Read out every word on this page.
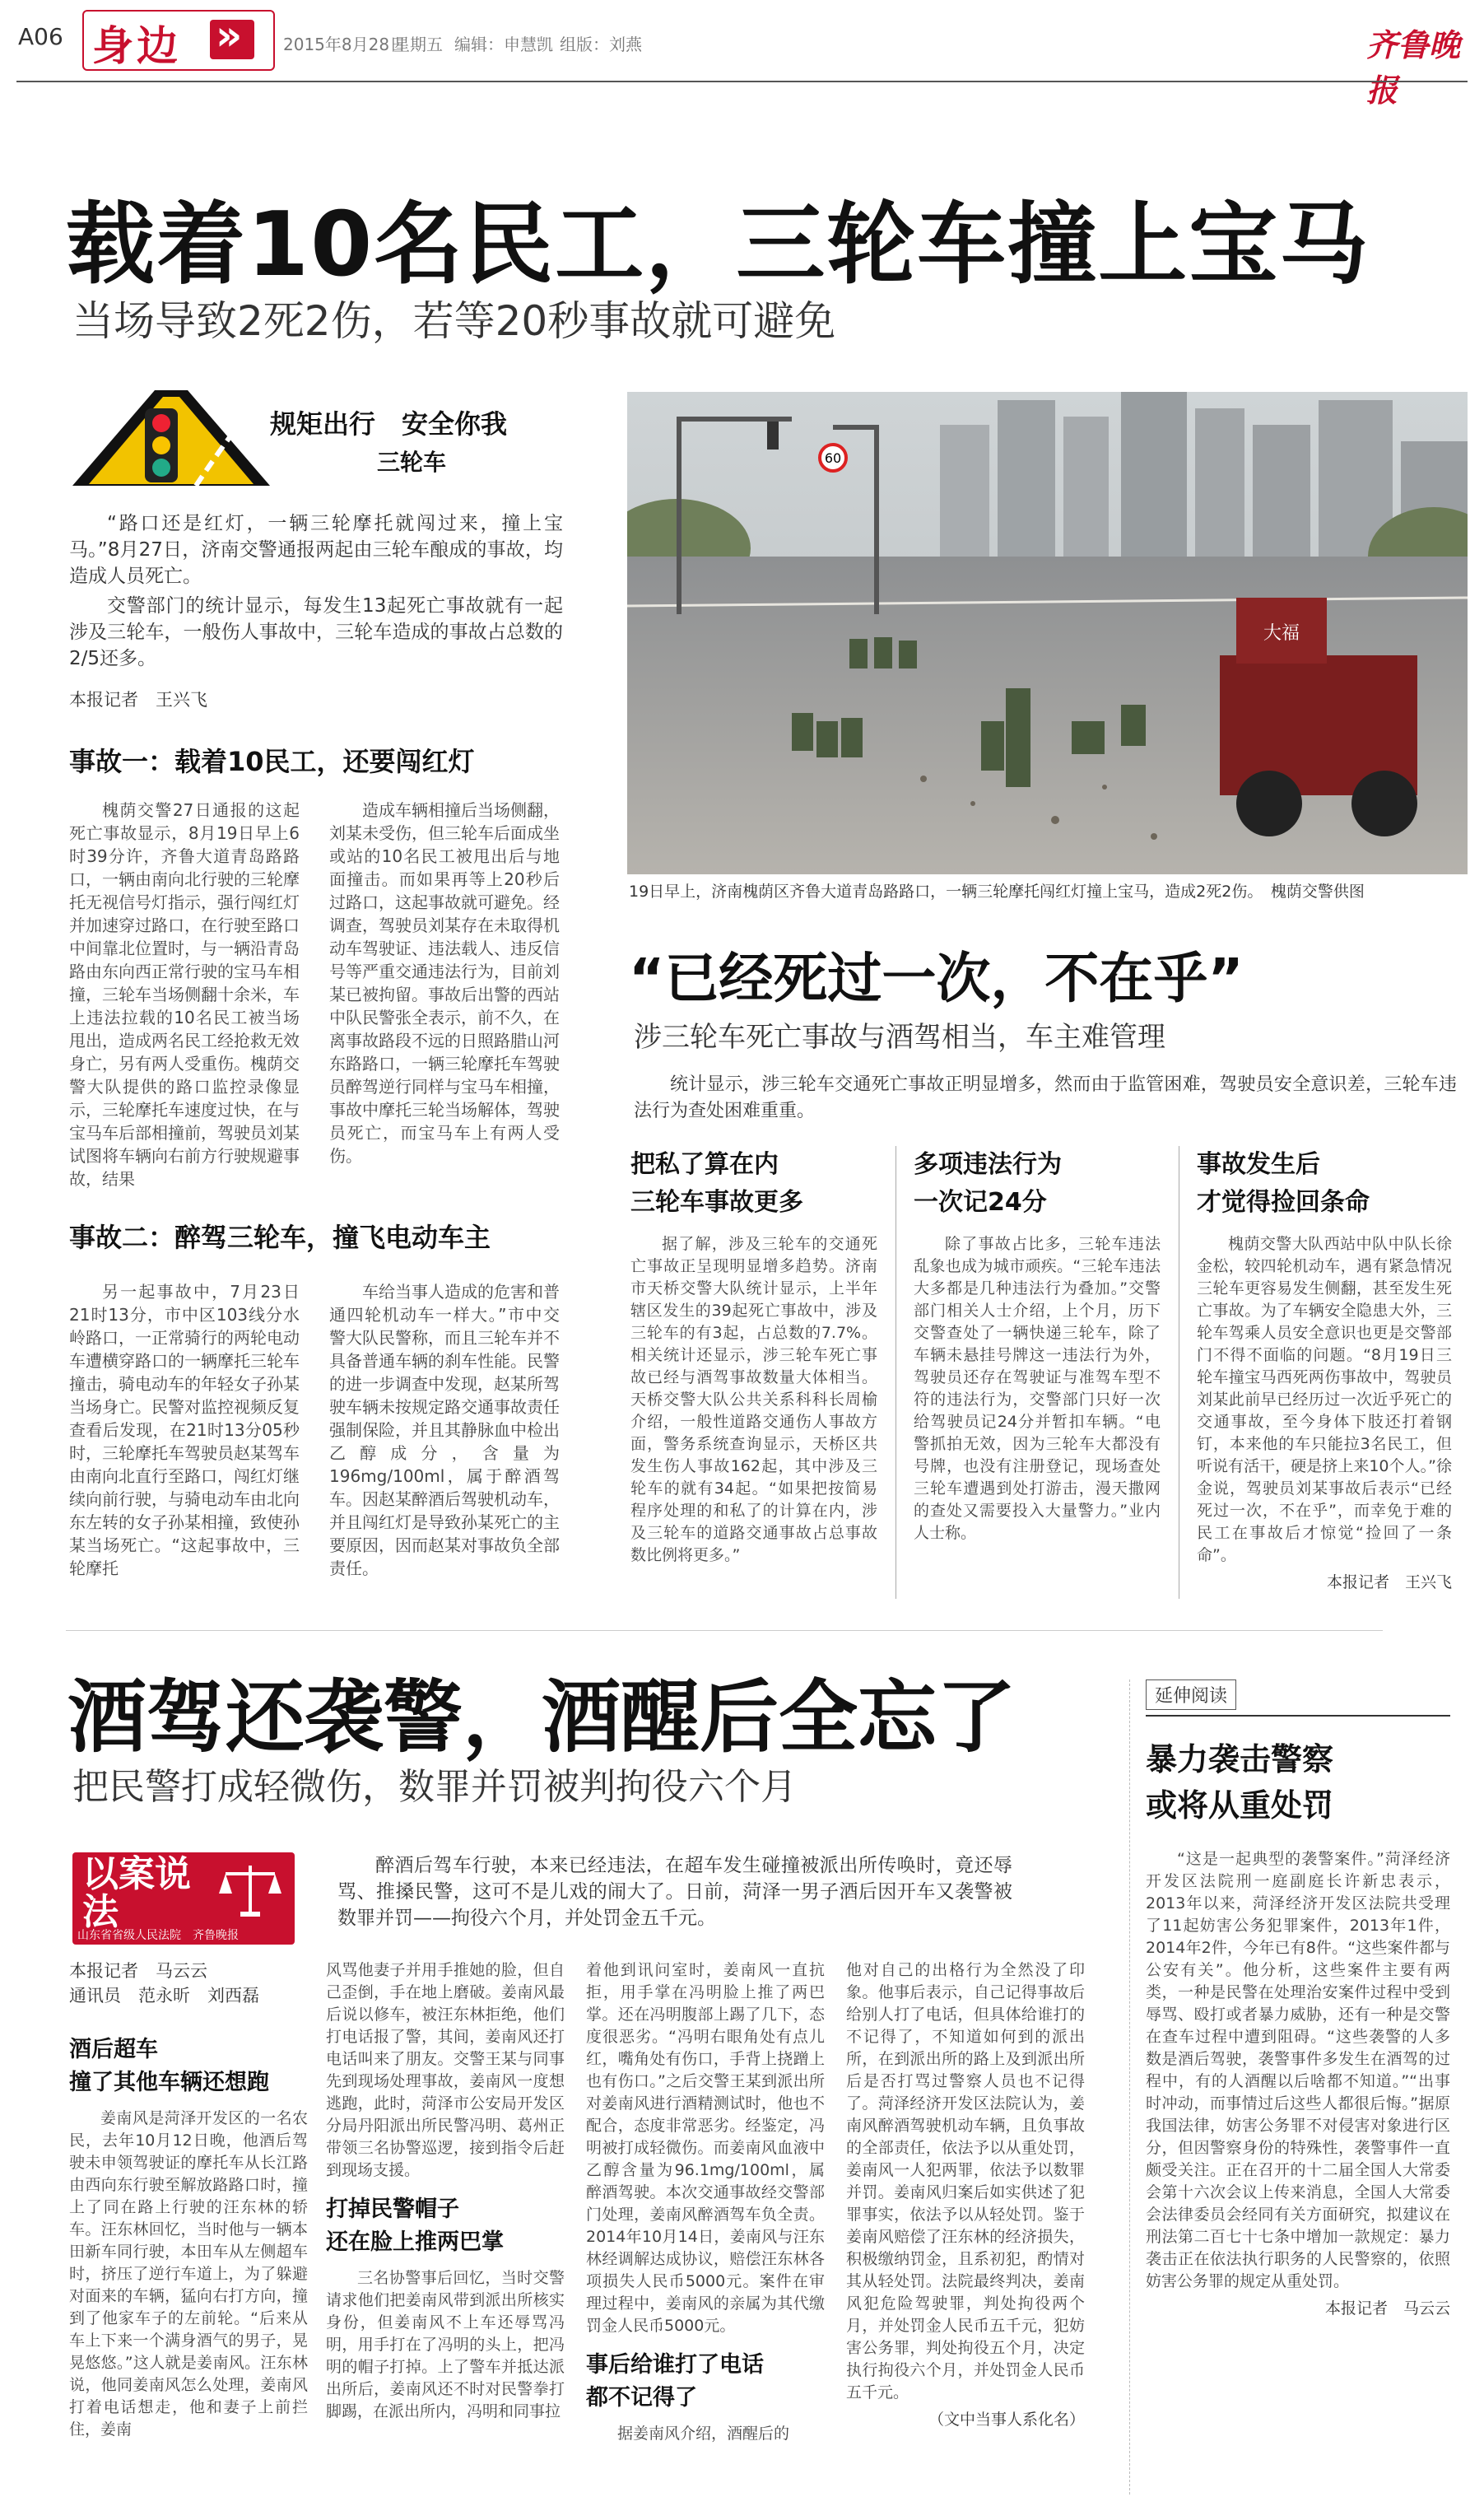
A06 身边 » 2015年8月28日
星期五 编辑：申慧凯 组版：刘燕	齐鲁晚报
载着10名民工，三轮车撞上宝马
当场导致2死2伤，若等20秒事故就可避免
规矩出行　安全你我
三轮车

“路口还是红灯，一辆三轮摩托就闯过来，撞上宝马。”8月27日，济南交警通报两起由三轮车酿成的事故，均造成人员死亡。

交警部门的统计显示，每发生13起死亡事故就有一起涉及三轮车，一般伤人事故中，三轮车造成的事故占总数的2/5还多。

本报记者　王兴飞
事故一：载着10民工，还要闯红灯

槐荫交警27日通报的这起死亡事故显示，8月19日早上6时39分许，齐鲁大道青岛路路口，一辆由南向北行驶的三轮摩托无视信号灯指示，强行闯红灯并加速穿过路口，在行驶至路口中间靠北位置时，与一辆沿青岛路由东向西正常行驶的宝马车相撞，三轮车当场侧翻十余米，车上违法拉载的10名民工被当场甩出，造成两名民工经抢救无效身亡，另有两人受重伤。槐荫交警大队提供的路口监控录像显示，三轮摩托车速度过快，在与宝马车后部相撞前，驾驶员刘某试图将车辆向右前方行驶规避事故，结果

造成车辆相撞后当场侧翻，刘某未受伤，但三轮车后面成坐或站的10名民工被甩出后与地面撞击。而如果再等上20秒后过路口，这起事故就可避免。经调查，驾驶员刘某存在未取得机动车驾驶证、违法载人、违反信号等严重交通违法行为，目前刘某已被拘留。事故后出警的西站中队民警张全表示，前不久，在离事故路段不远的日照路腊山河东路路口，一辆三轮摩托车驾驶员醉驾逆行同样与宝马车相撞，事故中摩托三轮当场解体，驾驶员死亡，而宝马车上有两人受伤。

事故二：醉驾三轮车，撞飞电动车主

另一起事故中，7月23日21时13分，市中区103线分水岭路口，一正常骑行的两轮电动车遭横穿路口的一辆摩托三轮车撞击，骑电动车的年轻女子孙某当场身亡。民警对监控视频反复查看后发现，在21时13分05秒时，三轮摩托车驾驶员赵某驾车由南向北直行至路口，闯红灯继续向前行驶，与骑电动车由北向东左转的女子孙某相撞，致使孙某当场死亡。“这起事故中，三轮摩托

车给当事人造成的危害和普通四轮机动车一样大。”市中交警大队民警称，而且三轮车并不具备普通车辆的刹车性能。民警的进一步调查中发现，赵某所驾驶车辆未按规定路交通事故责任强制保险，并且其静脉血中检出乙醇成分，含量为196mg/100ml，属于醉酒驾车。因赵某醉酒后驾驶机动车，并且闯红灯是导致孙某死亡的主要原因，因而赵某对事故负全部责任。

60
大福
19日早上，济南槐荫区齐鲁大道青岛路路口，一辆三轮摩托闯红灯撞上宝马，造成2死2伤。　槐荫交警供图
“已经死过一次，不在乎”
涉三轮车死亡事故与酒驾相当，车主难管理

统计显示，涉三轮车交通死亡事故正明显增多，然而由于监管困难，驾驶员安全意识差，三轮车违法行为查处困难重重。

把私了算在内
三轮车事故更多

据了解，涉及三轮车的交通死亡事故正呈现明显增多趋势。济南市天桥交警大队统计显示，上半年辖区发生的39起死亡事故中，涉及三轮车的有3起，占总数的7.7%。相关统计还显示，涉三轮车死亡事故已经与酒驾事故数量大体相当。天桥交警大队公共关系科科长周榆介绍，一般性道路交通伤人事故方面，警务系统查询显示，天桥区共发生伤人事故162起，其中涉及三轮车的就有34起。“如果把按简易程序处理的和私了的计算在内，涉及三轮车的道路交通事故占总事故数比例将更多。”

多项违法行为
一次记24分

除了事故占比多，三轮车违法乱象也成为城市顽疾。“三轮车违法大多都是几种违法行为叠加。”交警部门相关人士介绍，上个月，历下交警查处了一辆快递三轮车，除了车辆未悬挂号牌这一违法行为外，驾驶员还存在驾驶证与准驾车型不符的违法行为，交警部门只好一次给驾驶员记24分并暂扣车辆。“电警抓拍无效，因为三轮车大都没有号牌，也没有注册登记，现场查处三轮车遭遇到处打游击，漫天撒网的查处又需要投入大量警力。”业内人士称。

事故发生后
才觉得捡回条命

槐荫交警大队西站中队中队长徐金松，较四轮机动车，遇有紧急情况三轮车更容易发生侧翻，甚至发生死亡事故。为了车辆安全隐患大外，三轮车驾乘人员安全意识也更是交警部门不得不面临的问题。“8月19日三轮车撞宝马西死两伤事故中，驾驶员刘某此前早已经历过一次近乎死亡的交通事故，至今身体下肢还打着钢钉，本来他的车只能拉3名民工，但听说有活干，硬是挤上来10个人。”徐金说，驾驶员刘某事故后表示“已经死过一次，不在乎”，而幸免于难的民工在事故后才惊觉“捡回了一条命”。

本报记者　王兴飞
酒驾还袭警，酒醒后全忘了
把民警打成轻微伤，数罪并罚被判拘役六个月
以案说法
山东省省级人民法院　齐鲁晚报

醉酒后驾车行驶，本来已经违法，在超车发生碰撞被派出所传唤时，竟还辱骂、推搡民警，这可不是儿戏的闹大了。日前，菏泽一男子酒后因开车又袭警被数罪并罚——拘役六个月，并处罚金五千元。

本报记者　马云云
通讯员　范永昕　刘西磊
酒后超车
撞了其他车辆还想跑

姜南风是菏泽开发区的一名农民，去年10月12日晚，他酒后驾驶未申领驾驶证的摩托车从长江路由西向东行驶至解放路路口时，撞上了同在路上行驶的汪东林的轿车。汪东林回忆，当时他与一辆本田新车同行驶，本田车从左侧超车时，挤压了逆行车道上，为了躲避对面来的车辆，猛向右打方向，撞到了他家车子的左前轮。“后来从车上下来一个满身酒气的男子，晃晃悠悠。”这人就是姜南风。汪东林说，他同姜南风怎么处理，姜南风打着电话想走，他和妻子上前拦住，姜南

风骂他妻子并用手推她的脸，但自己歪倒，手在地上磨破。姜南风最后说以修车，被汪东林拒绝，他们打电话报了警，其间，姜南风还打电话叫来了朋友。交警王某与同事先到现场处理事故，姜南风一度想逃跑，此时，菏泽市公安局开发区分局丹阳派出所民警冯明、葛州正带领三名协警巡逻，接到指令后赶到现场支援。

打掉民警帽子
还在脸上推两巴掌

三名协警事后回忆，当时交警请求他们把姜南风带到派出所核实身份，但姜南风不上车还辱骂冯明，用手打在了冯明的头上，把冯明的帽子打掉。上了警车并抵达派出所后，姜南风还不时对民警拳打脚踢，在派出所内，冯明和同事拉

着他到讯问室时，姜南风一直抗拒，用手掌在冯明脸上推了两巴掌。还在冯明腹部上踢了几下，态度很恶劣。“冯明右眼角处有点儿红，嘴角处有伤口，手背上挠蹭上也有伤口。”之后交警王某到派出所对姜南风进行酒精测试时，他也不配合，态度非常恶劣。经鉴定，冯明被打成轻微伤。而姜南风血液中乙醇含量为96.1mg/100ml，属醉酒驾驶。本次交通事故经交警部门处理，姜南风醉酒驾车负全责。2014年10月14日，姜南风与汪东林经调解达成协议，赔偿汪东林各项损失人民币5000元。案件在审理过程中，姜南风的亲属为其代缴罚金人民币5000元。

事后给谁打了电话
都不记得了

据姜南风介绍，酒醒后的

他对自己的出格行为全然没了印象。他事后表示，自己记得事故后给别人打了电话，但具体给谁打的不记得了，不知道如何到的派出所，在到派出所的路上及到派出所后是否打骂过警察人员也不记得了。菏泽经济开发区法院认为，姜南风醉酒驾驶机动车辆，且负事故的全部责任，依法予以从重处罚，姜南风一人犯两罪，依法予以数罪并罚。姜南风归案后如实供述了犯罪事实，依法予以从轻处罚。鉴于姜南风赔偿了汪东林的经济损失，积极缴纳罚金，且系初犯，酌情对其从轻处罚。法院最终判决，姜南风犯危险驾驶罪，判处拘役两个月，并处罚金人民币五千元，犯妨害公务罪，判处拘役五个月，决定执行拘役六个月，并处罚金人民币五千元。

（文中当事人系化名）
延伸阅读
暴力袭击警察
或将从重处罚

“这是一起典型的袭警案件。”菏泽经济开发区法院刑一庭副庭长许新忠表示，2013年以来，菏泽经济开发区法院共受理了11起妨害公务犯罪案件，2013年1件，2014年2件，今年已有8件。“这些案件都与公安有关”。他分析，这些案件主要有两类，一种是民警在处理治安案件过程中受到辱骂、殴打或者暴力威胁，还有一种是交警在查车过程中遭到阻碍。“这些袭警的人多数是酒后驾驶，袭警事件多发生在酒驾的过程中，有的人酒醒以后啥都不知道。”“出事时冲动，而事情过后这些人都很后悔。”据原我国法律，妨害公务罪不对侵害对象进行区分，但因警察身份的特殊性，袭警事件一直颇受关注。正在召开的十二届全国人大常委会第十六次会议上传来消息，全国人大常委会法律委员会经同有关方面研究，拟建议在刑法第二百七十七条中增加一款规定：暴力袭击正在依法执行职务的人民警察的，依照妨害公务罪的规定从重处罚。

本报记者　马云云
